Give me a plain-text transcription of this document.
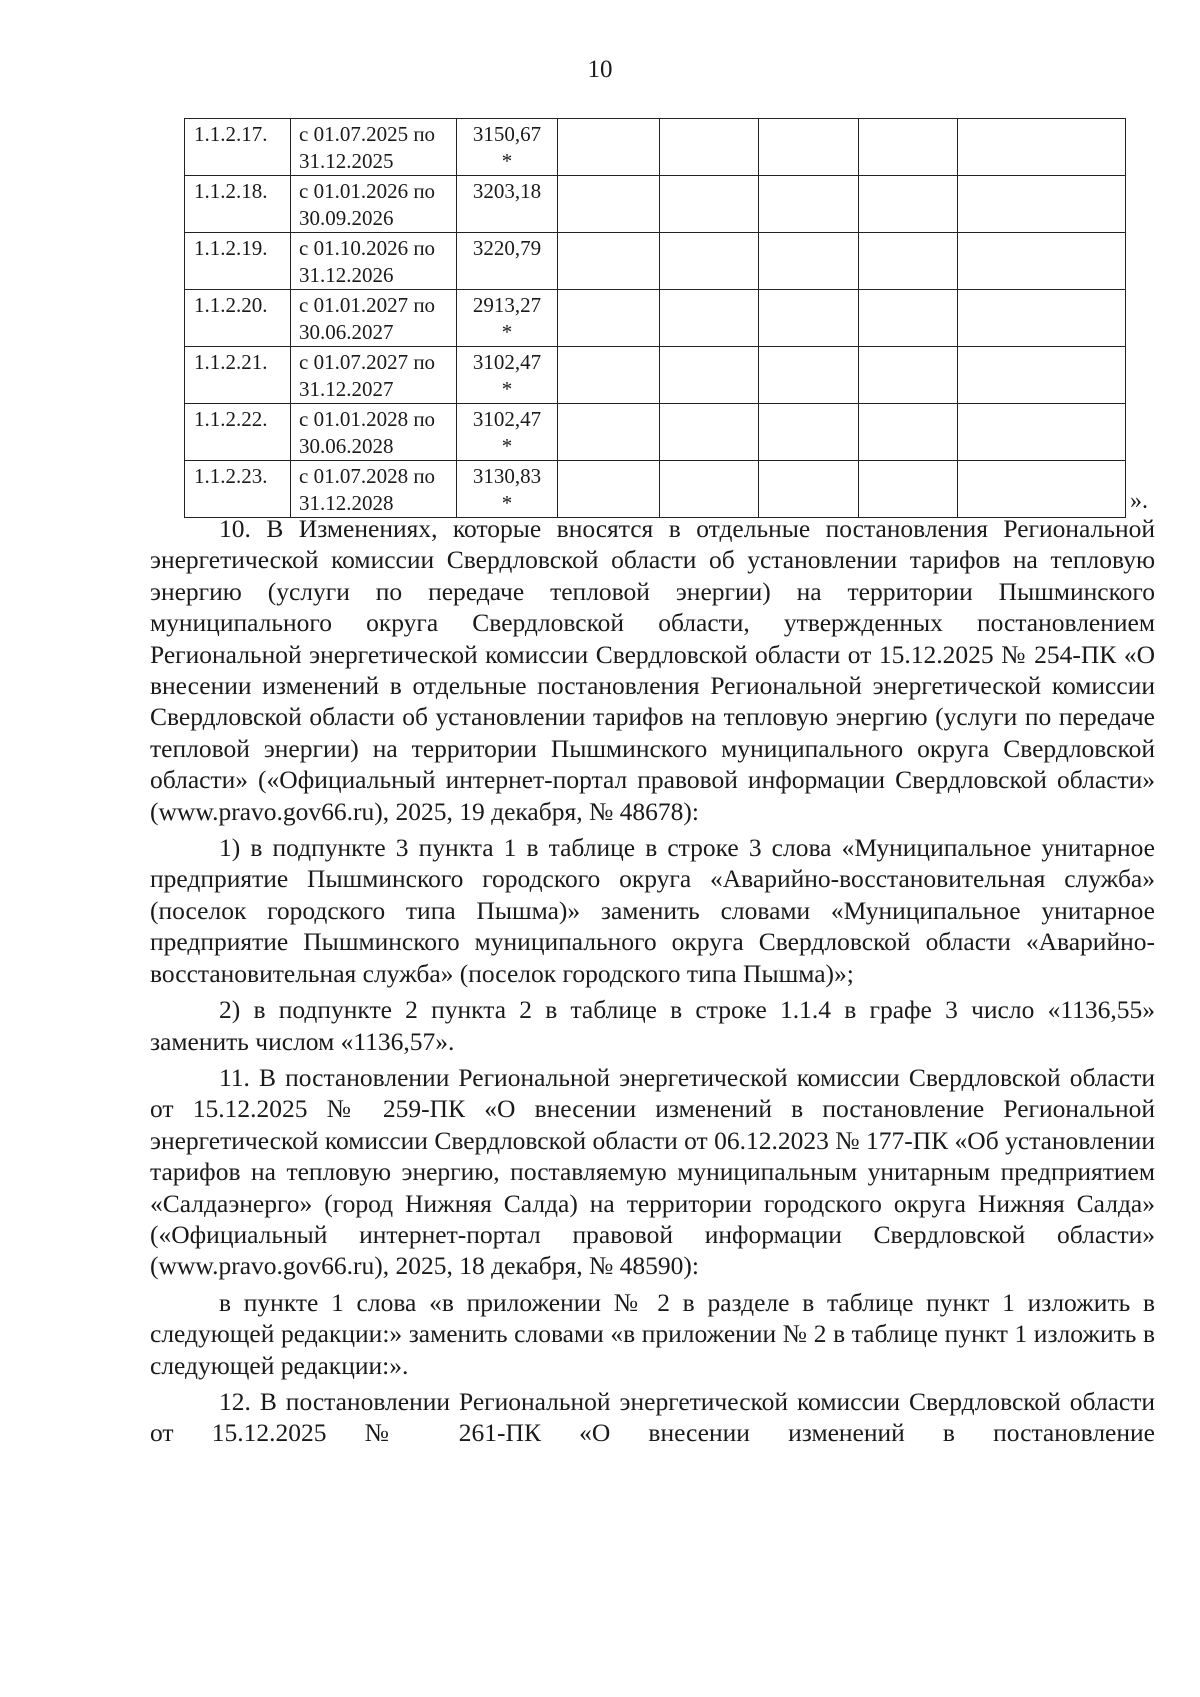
10
1.1.2.17.	с 01.07.2025 по 31.12.2025	3150,67
*					

1.1.2.18.	с 01.01.2026 по 30.09.2026	3203,18					

1.1.2.19.	с 01.10.2026 по 31.12.2026	3220,79					

1.1.2.20.	с 01.01.2027 по 30.06.2027	2913,27
*					

1.1.2.21.	с 01.07.2027 по 31.12.2027	3102,47
*					

1.1.2.22.	с 01.01.2028 по 30.06.2028	3102,47
*					

1.1.2.23.	с 01.07.2028 по 31.12.2028	3130,83
*					
						».

10. В Изменениях, которые вносятся в отдельные постановления Региональной энергетической комиссии Свердловской области об установлении тарифов на тепловую энергию (услуги по передаче тепловой энергии) на территории Пышминского муниципального округа Свердловской области, утвержденных постановлением Региональной энергетической комиссии Свердловской области от 15.12.2025 № 254-ПК «О внесении изменений в отдельные постановления Региональной энергетической комиссии Свердловской области об установлении тарифов на тепловую энергию (услуги по передаче тепловой энергии) на территории Пышминского муниципального округа Свердловской области» («Официальный интернет-портал правовой информации Свердловской области» (www.pravo.gov66.ru), 2025, 19 декабря, № 48678):

1) в подпункте 3 пункта 1 в таблице в строке 3 слова «Муниципальное унитарное предприятие Пышминского городского округа «Аварийно-восстановительная служба» (поселок городского типа Пышма)» заменить словами «Муниципальное унитарное предприятие Пышминского муниципального округа Свердловской области «Аварийно-восстановительная служба» (поселок городского типа Пышма)»;

2) в подпункте 2 пункта 2 в таблице в строке 1.1.4 в графе 3 число «1136,55» заменить числом «1136,57».

11. В постановлении Региональной энергетической комиссии Свердловской области от 15.12.2025 № 259-ПК «О внесении изменений в постановление Региональной энергетической комиссии Свердловской области от 06.12.2023 № 177-ПК «Об установлении тарифов на тепловую энергию, поставляемую муниципальным унитарным предприятием «Салдаэнерго» (город Нижняя Салда) на территории городского округа Нижняя Салда» («Официальный интернет-портал правовой информации Свердловской области» (www.pravo.gov66.ru), 2025, 18 декабря, № 48590):

в пункте 1 слова «в приложении № 2 в разделе в таблице пункт 1 изложить в следующей редакции:» заменить словами «в приложении № 2 в таблице пункт 1 изложить в следующей редакции:».

12. В постановлении Региональной энергетической комиссии Свердловской области от 15.12.2025 № 261-ПК «О внесении изменений в постановление
